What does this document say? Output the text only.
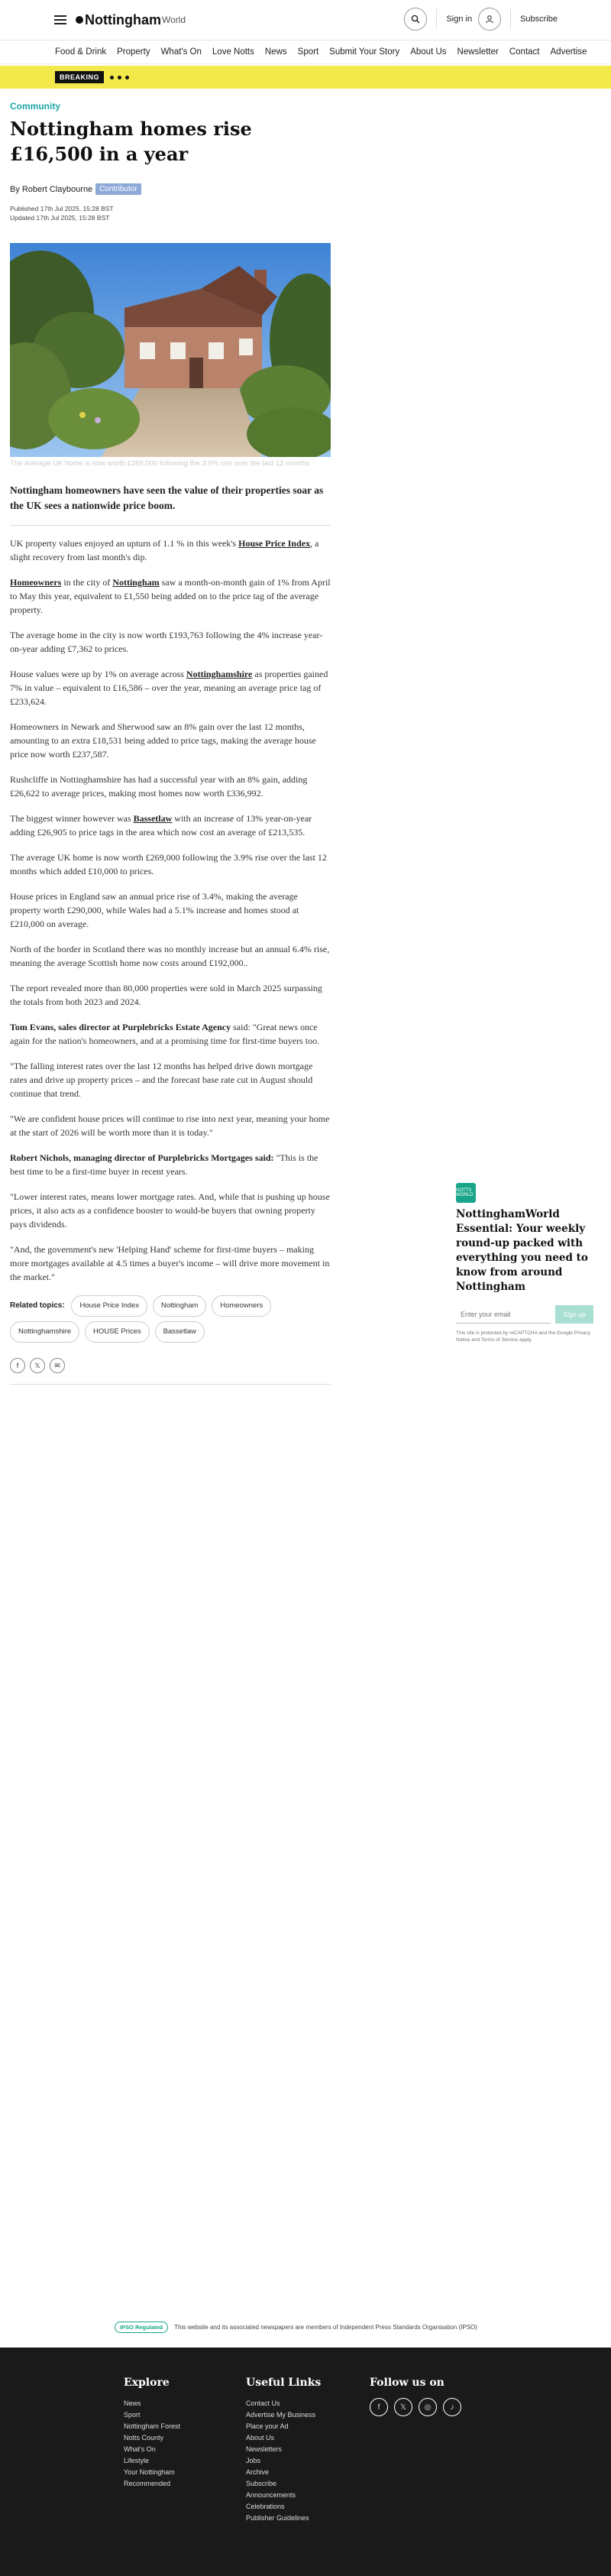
Nottingham World	Sign in	Subscribe
Food & Drink Property What's On Love Notts News Sport Submit Your Story About Us Newsletter Contact Advertise
BREAKING
Community
Nottingham homes rise £16,500 in a year
By Robert Claybourne Contributor
Published 17th Jul 2025, 15:28 BST
Updated 17th Jul 2025, 15:28 BST
The average UK home is now worth £269,000 following the 3.9% rise over the last 12 months

Nottingham homeowners have seen the value of their properties soar as the UK sees a nationwide price boom.

UK property values enjoyed an upturn of 1.1 % in this week's House Price Index, a slight recovery from last month's dip.

Homeowners in the city of Nottingham saw a month-on-month gain of 1% from April to May this year, equivalent to £1,550 being added on to the price tag of the average property.

The average home in the city is now worth £193,763 following the 4% increase year-on-year adding £7,362 to prices.

House values were up by 1% on average across Nottinghamshire as properties gained 7% in value – equivalent to £16,586 – over the year, meaning an average price tag of £233,624.

Homeowners in Newark and Sherwood saw an 8% gain over the last 12 months, amounting to an extra £18,531 being added to price tags, making the average house price now worth £237,587.

Rushcliffe in Nottinghamshire has had a successful year with an 8% gain, adding £26,622 to average prices, making most homes now worth £336,992.

The biggest winner however was Bassetlaw with an increase of 13% year-on-year adding £26,905 to price tags in the area which now cost an average of £213,535.

The average UK home is now worth £269,000 following the 3.9% rise over the last 12 months which added £10,000 to prices.

House prices in England saw an annual price rise of 3.4%, making the average property worth £290,000, while Wales had a 5.1% increase and homes stood at £210,000 on average.

North of the border in Scotland there was no monthly increase but an annual 6.4% rise, meaning the average Scottish home now costs around £192,000..

The report revealed more than 80,000 properties were sold in March 2025 surpassing the totals from both 2023 and 2024.

Tom Evans, sales director at Purplebricks Estate Agency said: "Great news once again for the nation's homeowners, and at a promising time for first-time buyers too.

"The falling interest rates over the last 12 months has helped drive down mortgage rates and drive up property prices – and the forecast base rate cut in August should continue that trend.

"We are confident house prices will continue to rise into next year, meaning your home at the start of 2026 will be worth more than it is today."

Robert Nichols, managing director of Purplebricks Mortgages said: "This is the best time to be a first-time buyer in recent years.

"Lower interest rates, means lower mortgage rates. And, while that is pushing up house prices, it also acts as a confidence booster to would-be buyers that owning property pays dividends.

"And, the government's new 'Helping Hand' scheme for first-time buyers – making more mortgages available at 4.5 times a buyer's income – will drive more movement in the market."

Related topics: House Price Index	Nottingham	Homeowners
Nottinghamshire	HOUSE Prices	Bassetlaw
f	𝕏	✉
NOTTS WORLD
NottinghamWorld Essential: Your weekly round-up packed with everything you need to know from around Nottingham
Enter your email
Sign up
This site is protected by reCAPTCHA and the Google Privacy Notice and Terms of Service apply.
IPSO Regulated	This website and its associated newspapers are members of Independent Press Standards Organisation (IPSO)
Explore
News
Sport
Nottingham Forest
Notts County
What's On
Lifestyle
Your Nottingham
Recommended
Useful Links
Contact Us
Advertise My Business
Place your Ad
About Us
Newsletters
Jobs
Archive
Subscribe
Announcements
Celebrations
Publisher Guidelines
Follow us on
f	𝕏	◎	♪
